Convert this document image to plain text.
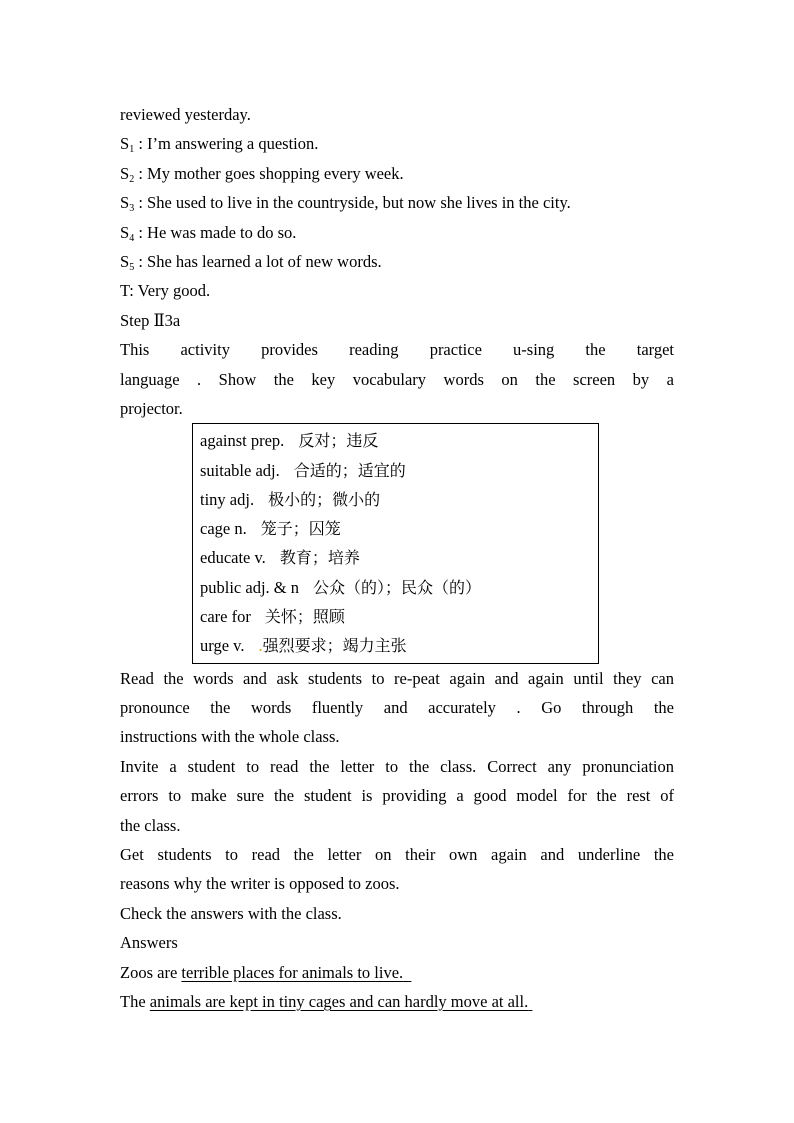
reviewed yesterday.
$S_1$ : I’m answering a question.
$S_2$ : My mother goes shopping every week.
$S_3$ : She used to live in the countryside, but now she lives in the city.
$S_4$ : He was made to do so.
$S_5$ : She has learned a lot of new words.
T: Very good.
Step Ⅱ3a
This activity provides reading practice u-sing the target
language . Show the key vocabulary words on the screen by a
projector.
against prep. 反对；违反
suitable adj. 合适的；适宜的
tiny adj. 极小的；微小的
cage n. 笼子；囚笼
educate v. 教育；培养
public adj. & n 公众（的）；民众（的）
care for 关怀；照顾
urge v. .强烈要求；竭力主张
Read the words and ask students to re-peat again and again until they can
pronounce the words fluently and accurately . Go through the
instructions with the whole class.
Invite a student to read the letter to the class. Correct any pronunciation
errors to make sure the student is providing a good model for the rest of
the class.
Get students to read the letter on their own again and underline the
reasons why the writer is opposed to zoos.
Check the answers with the class.
Answers
Zoos are terrible places for animals to live.
The animals are kept in tiny cages and can hardly move at all.
